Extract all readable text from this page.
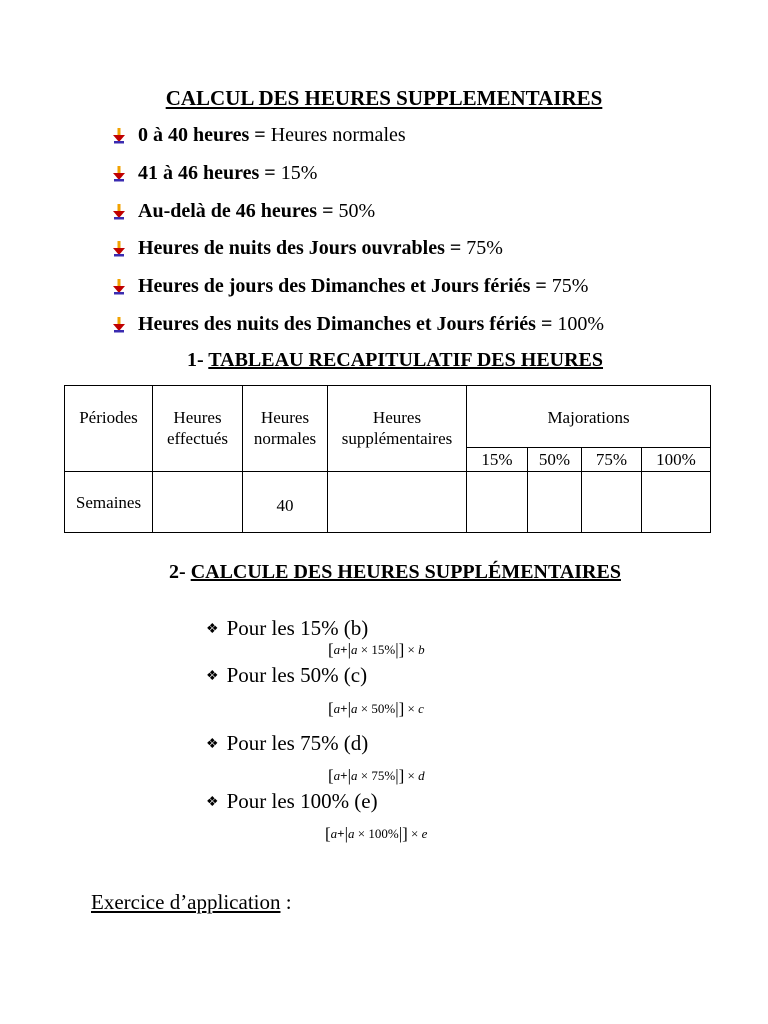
CALCUL DES HEURES SUPPLEMENTAIRES
0 à 40 heures = Heures normales
41 à 46 heures = 15%
Au-delà de 46 heures = 50%
Heures de nuits des Jours ouvrables = 75%
Heures de jours des Dimanches et Jours fériés = 75%
Heures des nuits des Dimanches et Jours fériés = 100%
1- TABLEAU RECAPITULATIF DES HEURES
Périodes	Heures effectués	Heures normales	Heures supplémentaires	Majorations			
				15%	50%	75%	100%
Semaines		40					
2- CALCULE DES HEURES SUPPLÉMENTAIRES
❖ Pour les 15% (b)
[a+|a × 15%|] × b
❖ Pour les 50% (c)
[a+|a × 50%|] × c
❖ Pour les 75% (d)
[a+|a × 75%|] × d
❖ Pour les 100% (e)
[a+|a × 100%|] × e
Exercice d’application :
